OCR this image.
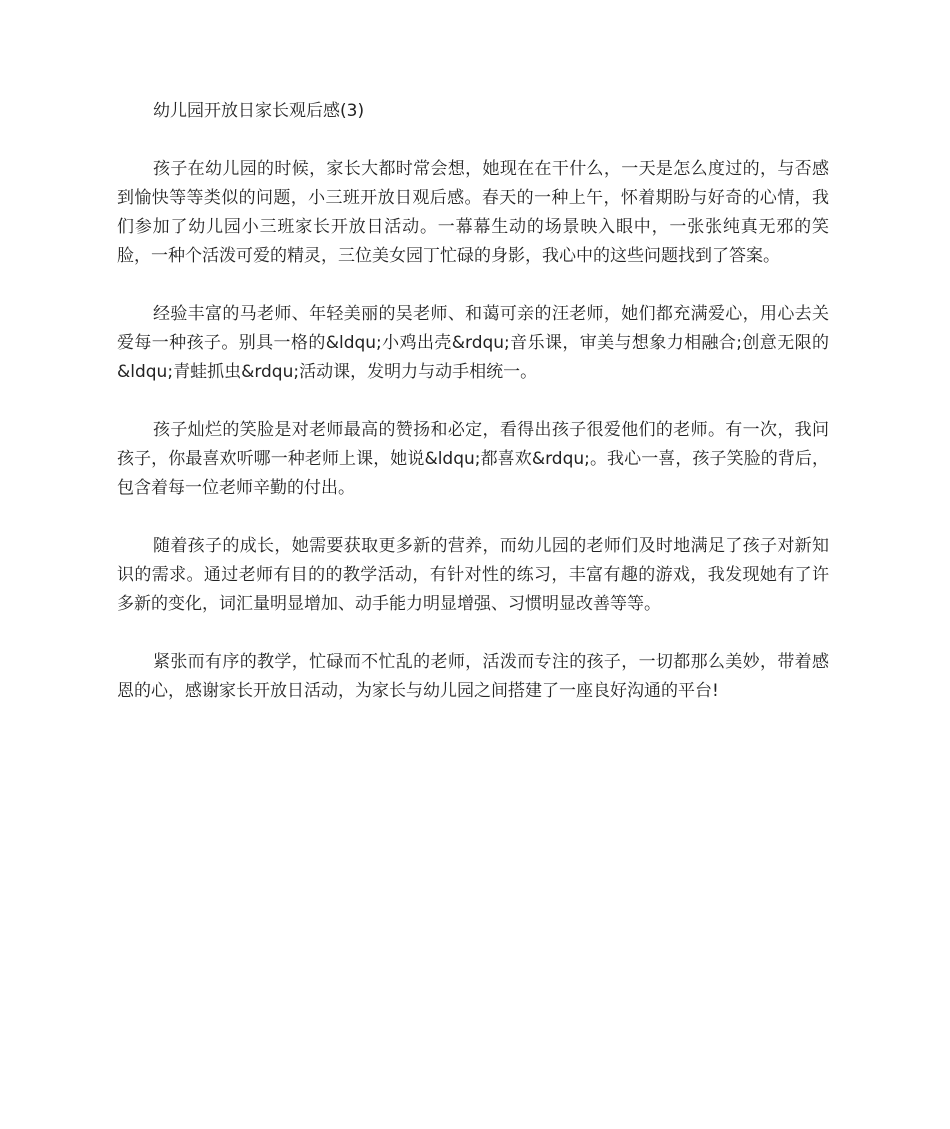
幼儿园开放日家长观后感(3)

孩子在幼儿园的时候，家长大都时常会想，她现在在干什么，一天是怎么度过的，与否感到愉快等等类似的问题，小三班开放日观后感。春天的一种上午，怀着期盼与好奇的心情，我们参加了幼儿园小三班家长开放日活动。一幕幕生动的场景映入眼中，一张张纯真无邪的笑脸，一种个活泼可爱的精灵，三位美女园丁忙碌的身影，我心中的这些问题找到了答案。

经验丰富的马老师、年轻美丽的吴老师、和蔼可亲的汪老师，她们都充满爱心，用心去关爱每一种孩子。别具一格的&ldqu;小鸡出壳&rdqu;音乐课，审美与想象力相融合;创意无限的&ldqu;青蛙抓虫&rdqu;活动课，发明力与动手相统一。

孩子灿烂的笑脸是对老师最高的赞扬和必定，看得出孩子很爱他们的老师。有一次，我问孩子，你最喜欢听哪一种老师上课，她说&ldqu;都喜欢&rdqu;。我心一喜，孩子笑脸的背后，包含着每一位老师辛勤的付出。

随着孩子的成长，她需要获取更多新的营养，而幼儿园的老师们及时地满足了孩子对新知识的需求。通过老师有目的的教学活动，有针对性的练习，丰富有趣的游戏，我发现她有了许多新的变化，词汇量明显增加、动手能力明显增强、习惯明显改善等等。

紧张而有序的教学，忙碌而不忙乱的老师，活泼而专注的孩子，一切都那么美妙，带着感恩的心，感谢家长开放日活动，为家长与幼儿园之间搭建了一座良好沟通的平台!
